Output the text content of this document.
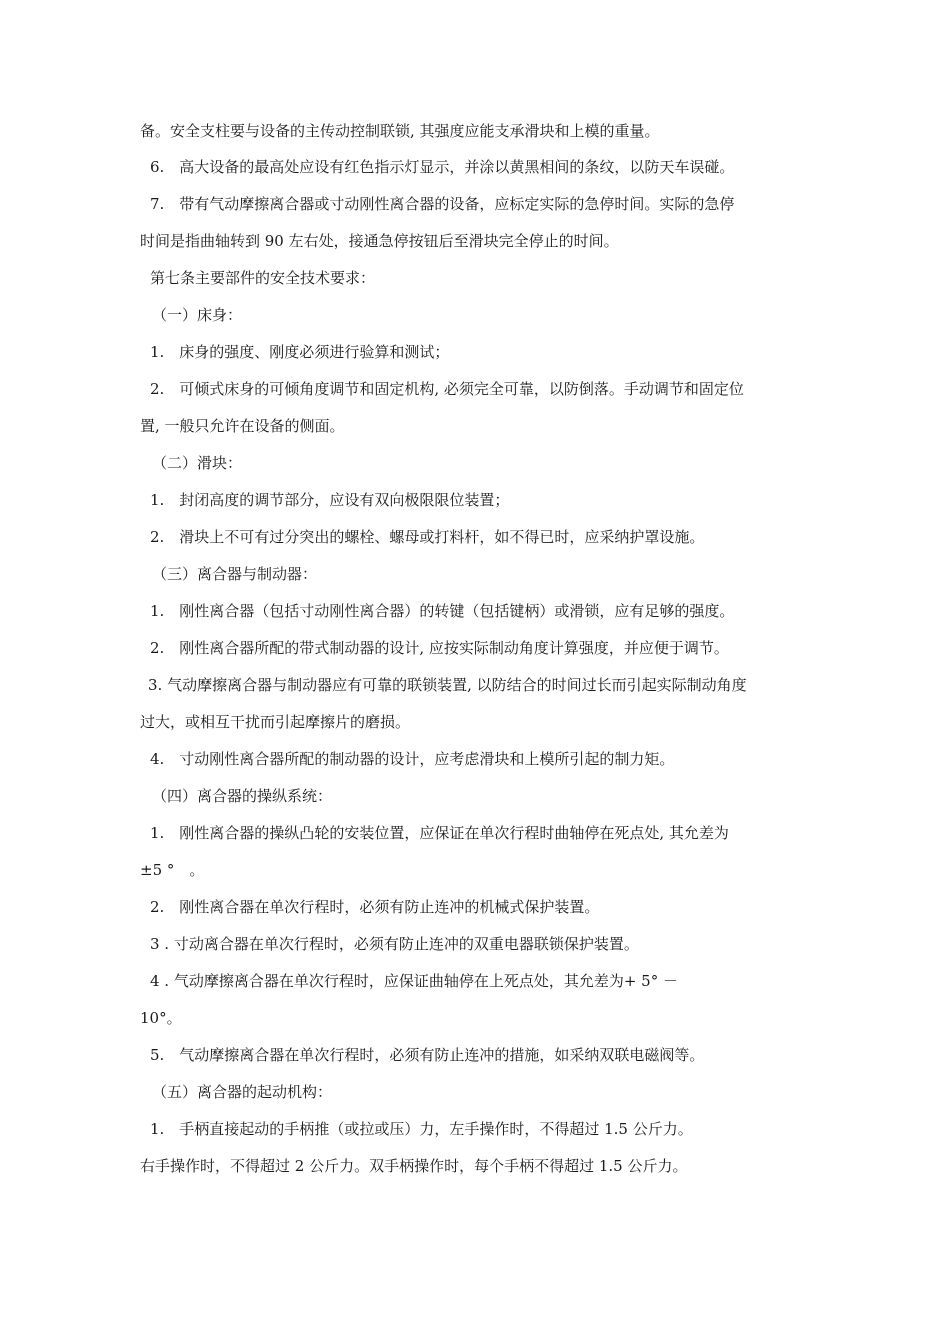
备。安全支柱要与设备的主传动控制联锁, 其强度应能支承滑块和上模的重量。
6.　高大设备的最高处应设有红色指示灯显示，并涂以黄黑相间的条纹，以防天车误碰。
7.　带有气动摩擦离合器或寸动刚性离合器的设备，应标定实际的急停时间。实际的急停
时间是指曲轴转到 90 左右处，接通急停按钮后至滑块完全停止的时间。
第七条主要部件的安全技术要求：
（一）床身：
1.　床身的强度、刚度必须进行验算和测试；
2.　可倾式床身的可倾角度调节和固定机构, 必须完全可靠，以防倒落。手动调节和固定位
置, 一般只允许在设备的侧面。
（二）滑块：
1.　封闭高度的调节部分，应设有双向极限限位装置；
2.　滑块上不可有过分突出的螺栓、螺母或打料杆，如不得已时，应采纳护罩设施。
（三）离合器与制动器：
1.　刚性离合器（包括寸动刚性离合器）的转键（包括键柄）或滑锁，应有足够的强度。
2.　刚性离合器所配的带式制动器的设计, 应按实际制动角度计算强度，并应便于调节。
3. 气动摩擦离合器与制动器应有可靠的联锁装置, 以防结合的时间过长而引起实际制动角度
过大，或相互干扰而引起摩擦片的磨损。
4.　寸动刚性离合器所配的制动器的设计，应考虑滑块和上模所引起的制力矩。
（四）离合器的操纵系统：
1.　刚性离合器的操纵凸轮的安装位置，应保证在单次行程时曲轴停在死点处, 其允差为
±5 °　。
2.　刚性离合器在单次行程时，必须有防止连冲的机械式保护装置。
3 . 寸动离合器在单次行程时，必须有防止连冲的双重电器联锁保护装置。
4 . 气动摩擦离合器在单次行程时，应保证曲轴停在上死点处，其允差为+ 5° －
10°。
5.　气动摩擦离合器在单次行程时，必须有防止连冲的措施，如采纳双联电磁阀等。
（五）离合器的起动机构：
1.　手柄直接起动的手柄推（或拉或压）力，左手操作时，不得超过 1.5 公斤力。
右手操作时，不得超过 2 公斤力。双手柄操作时，每个手柄不得超过 1.5 公斤力。
